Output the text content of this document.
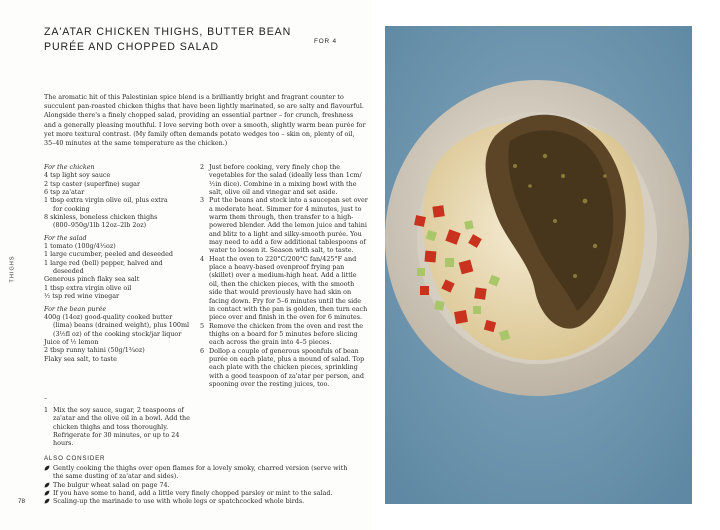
ZA'ATAR CHICKEN THIGHS, BUTTER BEAN PURÉE AND CHOPPED SALAD	FOR 4
The aromatic hit of this Palestinian spice blend is a brilliantly bright and fragrant counter to succulent pan-roasted chicken thighs that have been lightly marinated, so are salty and flavourful. Alongside there's a finely chopped salad, providing an essential partner – for crunch, freshness and a generally pleasing mouthful. I love serving both over a smooth, slightly warm bean purée for yet more textural contrast. (My family often demands potato wedges too – skin on, plenty of oil, 35–40 minutes at the same temperature as the chicken.)
THIGHS
For the chicken
4 tsp light soy sauce
2 tsp caster (superfine) sugar
6 tsp za'atar
1 tbsp extra virgin olive oil, plus extra
for cooking
8 skinless, boneless chicken thighs
(800–950g/1lb 12oz–2lb 2oz)
For the salad
1 tomato (100g/4½oz)
1 large cucumber, peeled and deseeded
1 large red (bell) pepper, halved and
deseeded
Generous pinch flaky sea salt
1 tbsp extra virgin olive oil
½ tsp red wine vinegar
For the bean purée
400g (14oz) good-quality cooked butter
(lima) beans (drained weight), plus 100ml
(3½fl oz) of the cooking stock/jar liquor
Juice of ½ lemon
2 tbsp runny tahini (50g/1¾oz)
Flaky sea salt, to taste
–
1 Mix the soy sauce, sugar, 2 teaspoons of za'atar and the olive oil in a bowl. Add the chicken thighs and toss thoroughly. Refrigerate for 30 minutes, or up to 24 hours.
2 Just before cooking, very finely chop the vegetables for the salad (ideally less than 1cm/½in dice). Combine in a mixing bowl with the salt, olive oil and vinegar and set aside.
3 Put the beans and stock into a saucepan set over a moderate heat. Simmer for 4 minutes, just to warm them through, then transfer to a high-powered blender. Add the lemon juice and tahini and blitz to a light and silky-smooth purée. You may need to add a few additional tablespoons of water to loosen it. Season with salt, to taste.
4 Heat the oven to 220°C/200°C fan/425°F and place a heavy-based ovenproof frying pan (skillet) over a medium-high heat. Add a little oil, then the chicken pieces, with the smooth side that would previously have had skin on facing down. Fry for 5–6 minutes until the side in contact with the pan is golden, then turn each piece over and finish in the oven for 6 minutes.
5 Remove the chicken from the oven and rest the thighs on a board for 5 minutes before slicing each across the grain into 4–5 pieces.
6 Dollop a couple of generous spoonfuls of bean purée on each plate, plus a mound of salad. Top each plate with the chicken pieces, sprinkling with a good teaspoon of za'atar per person, and spooning over the resting juices, too.
ALSO CONSIDER
Gently cooking the thighs over open flames for a lovely smoky, charred version (serve with the same dusting of za'atar and sides).
The bulgur wheat salad on page 74.
If you have some to hand, add a little very finely chopped parsley or mint to the salad.
Scaling-up the marinade to use with whole legs or spatchcocked whole birds.
78
